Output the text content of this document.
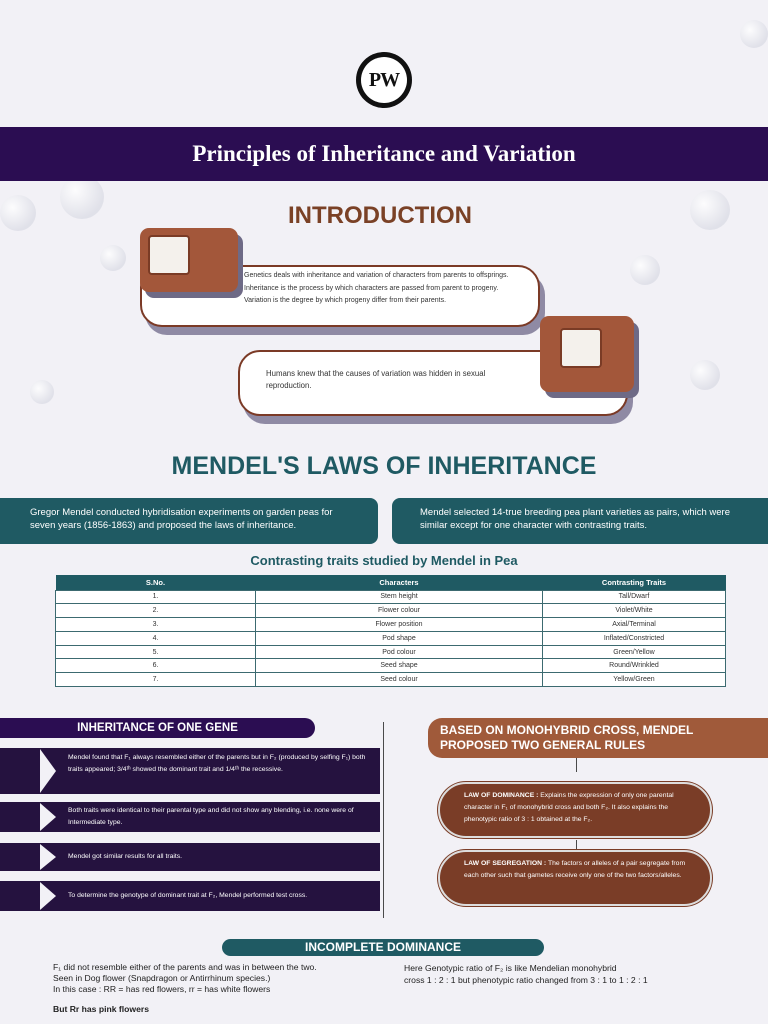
PW
Principles of Inheritance and Variation
INTRODUCTION
Genetics deals with inheritance and variation of characters from parents to offsprings. Inheritance is the process by which characters are passed from parent to progeny. Variation is the degree by which progeny differ from their parents.
Humans knew that the causes of variation was hidden in sexual reproduction.
MENDEL'S LAWS OF INHERITANCE
Gregor Mendel conducted hybridisation experiments on garden peas for seven years (1856-1863) and proposed the laws of inheritance.
Mendel selected 14-true breeding pea plant varieties as pairs, which were similar except for one character with contrasting traits.
Contrasting traits studied by Mendel in Pea
S.No.	Characters	Contrasting Traits
1.	Stem height	Tall/Dwarf
2.	Flower colour	Violet/White
3.	Flower position	Axial/Terminal
4.	Pod shape	Inflated/Constricted
5.	Pod colour	Green/Yellow
6.	Seed shape	Round/Wrinkled
7.	Seed colour	Yellow/Green
INHERITANCE OF ONE GENE
Mendel found that F₁ always resembled either of the parents but in F₂ (produced by selfing F₁) both traits appeared; 3/4ᵗʰ showed the dominant trait and 1/4ᵗʰ the recessive.
Both traits were identical to their parental type and did not show any blending, i.e. none were of Intermediate type.
Mendel got similar results for all traits.
To determine the genotype of dominant trait at F₂, Mendel performed test cross.
BASED ON MONOHYBRID CROSS, MENDEL PROPOSED TWO GENERAL RULES
LAW OF DOMINANCE : Explains the expression of only one parental character in F₁ of monohybrid cross and both F₂. It also explains the phenotypic ratio of 3 : 1 obtained at the F₂.
LAW OF SEGREGATION : The factors or alleles of a pair segregate from each other such that gametes receive only one of the two factors/alleles.
INCOMPLETE DOMINANCE
F₁ did not resemble either of the parents and was in between the two.
Seen in Dog flower (Snapdragon or Antirrhinum species.)
In this case : RR = has red flowers, rr = has white flowers
But Rr has pink flowers
Here Genotypic ratio of F₂ is like Mendelian monohybrid
cross 1 : 2 : 1 but phenotypic ratio changed from 3 : 1 to 1 : 2 : 1
